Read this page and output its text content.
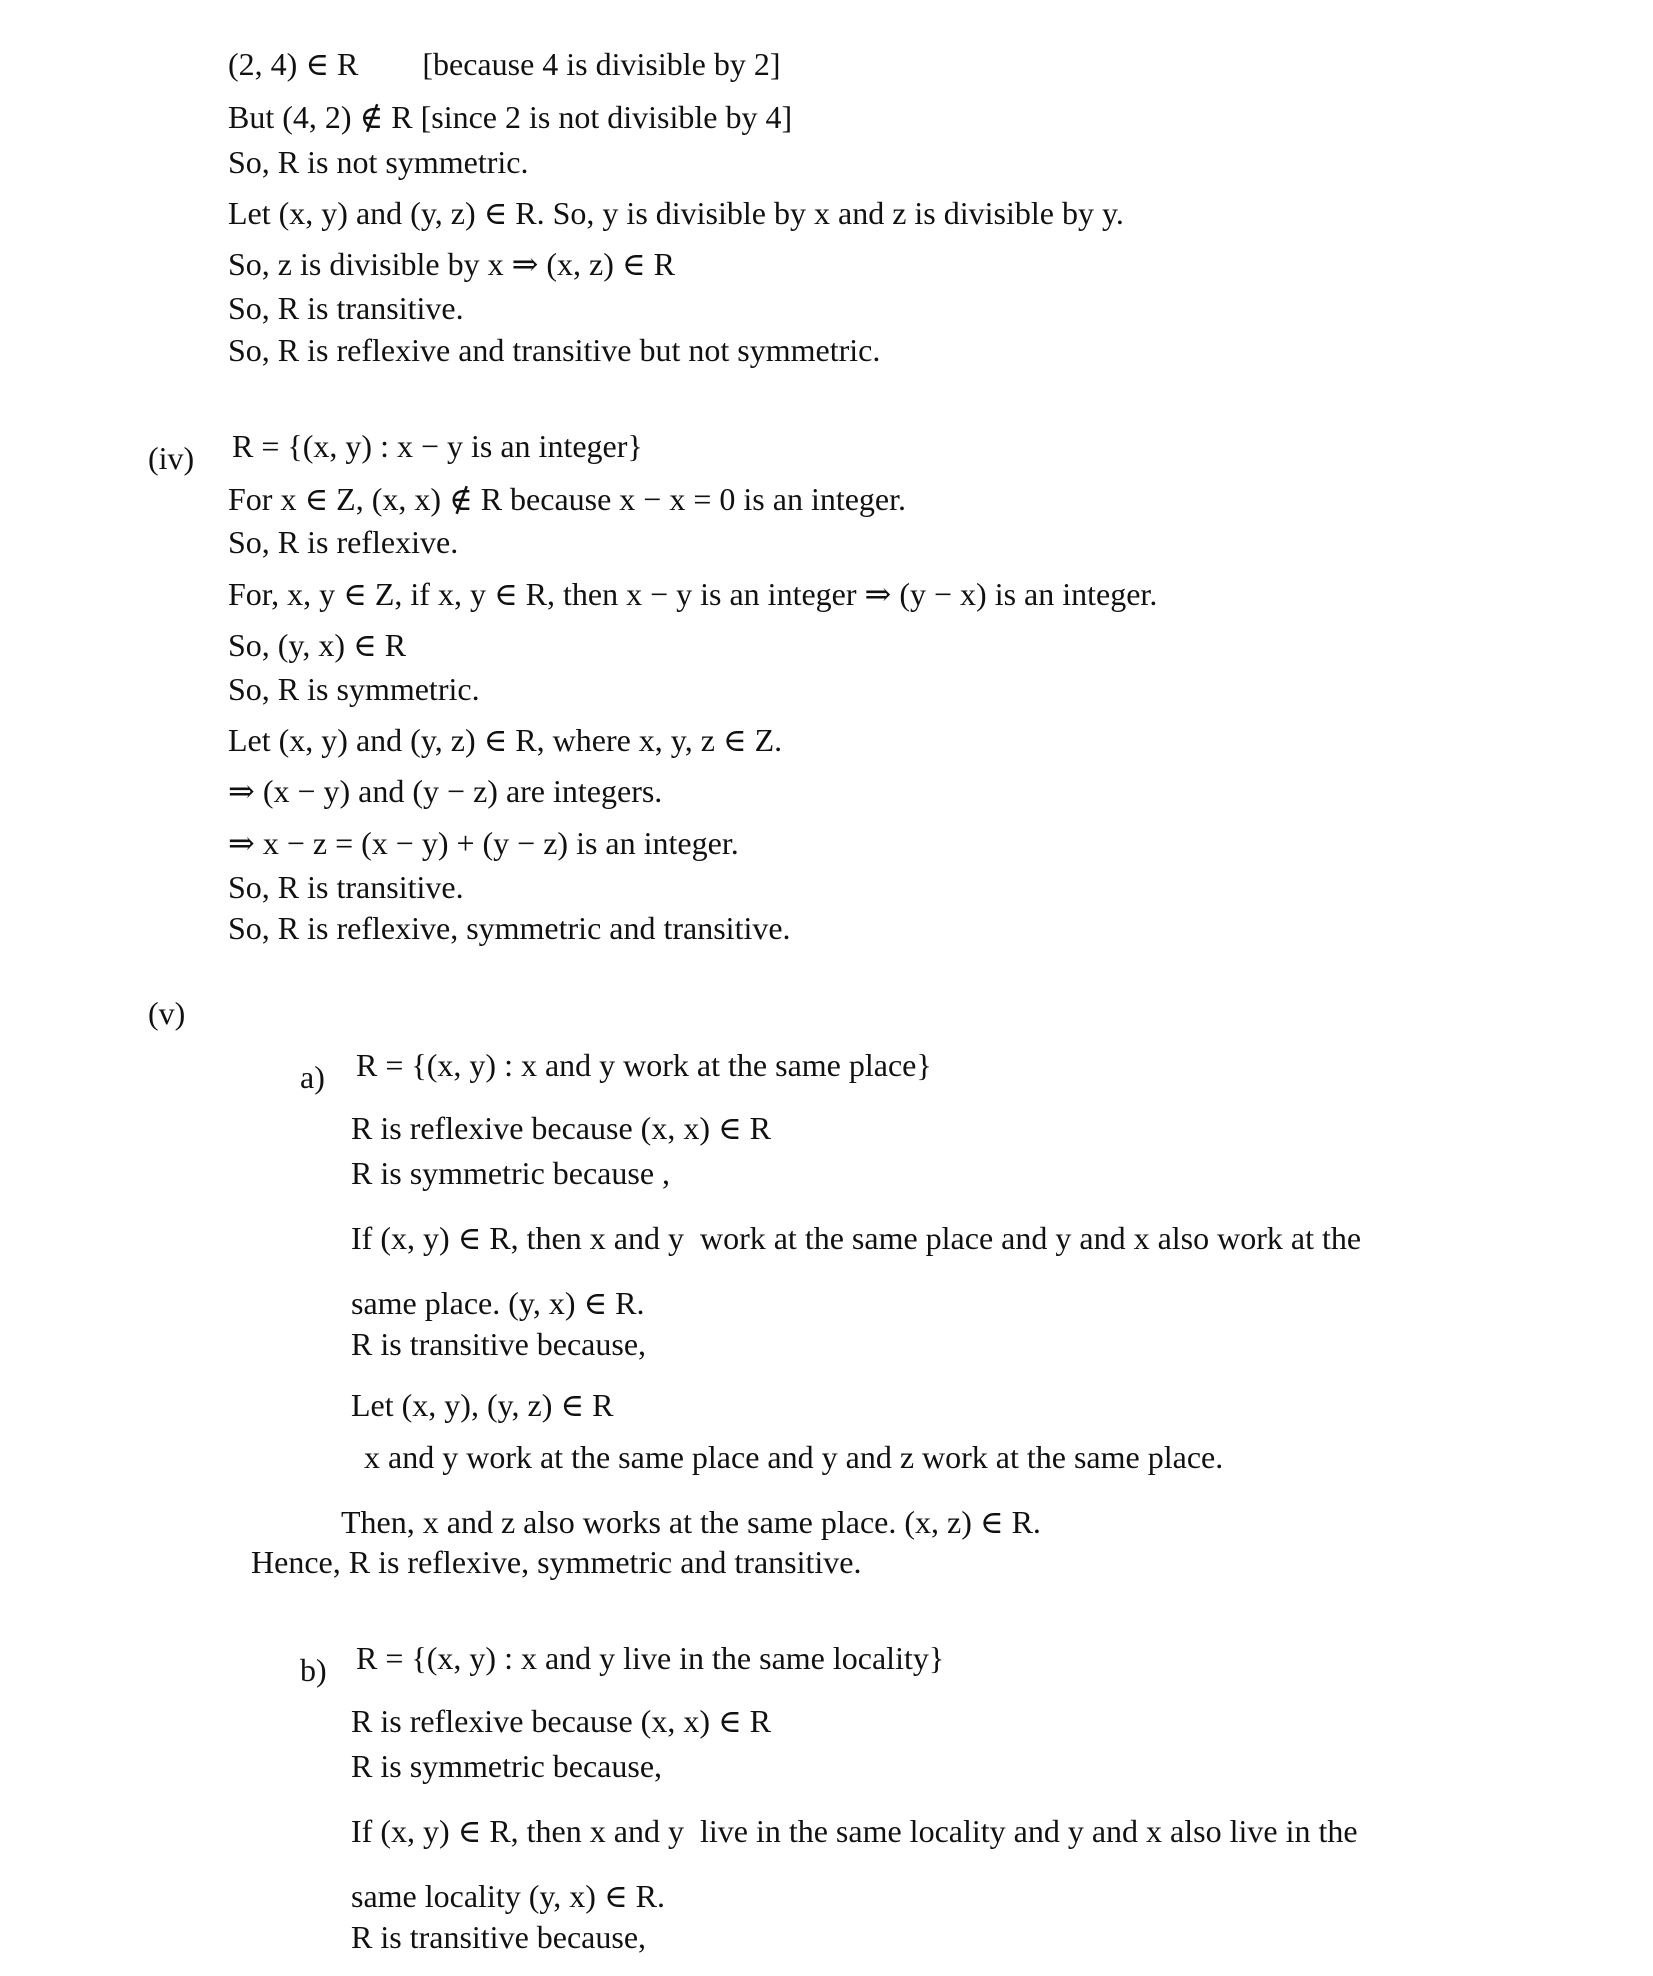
(2, 4) ∈ R        [because 4 is divisible by 2]
But (4, 2) ∉ R [since 2 is not divisible by 4]
So, R is not symmetric.
Let (x, y) and (y, z) ∈ R. So, y is divisible by x and z is divisible by y.
So, z is divisible by x ⇒ (x, z) ∈ R
So, R is transitive.
So, R is reflexive and transitive but not symmetric.
(iv) R = {(x, y) : x − y is an integer}
For x ∈ Z, (x, x) ∉ R because x − x = 0 is an integer.
So, R is reflexive.
For, x, y ∈ Z, if x, y ∈ R, then x − y is an integer ⇒ (y − x) is an integer.
So, (y, x) ∈ R
So, R is symmetric.
Let (x, y) and (y, z) ∈ R, where x, y, z ∈ Z.
⇒ (x − y) and (y − z) are integers.
⇒ x − z = (x − y) + (y − z) is an integer.
So, R is transitive.
So, R is reflexive, symmetric and transitive.
(v)
a) R = {(x, y) : x and y work at the same place}
R is reflexive because (x, x) ∈ R
R is symmetric because ,
If (x, y) ∈ R, then x and y  work at the same place and y and x also work at the
same place. (y, x) ∈ R.
R is transitive because,
Let (x, y), (y, z) ∈ R
x and y work at the same place and y and z work at the same place.
Then, x and z also works at the same place. (x, z) ∈ R.
Hence, R is reflexive, symmetric and transitive.
b) R = {(x, y) : x and y live in the same locality}
R is reflexive because (x, x) ∈ R
R is symmetric because,
If (x, y) ∈ R, then x and y  live in the same locality and y and x also live in the
same locality (y, x) ∈ R.
R is transitive because,
